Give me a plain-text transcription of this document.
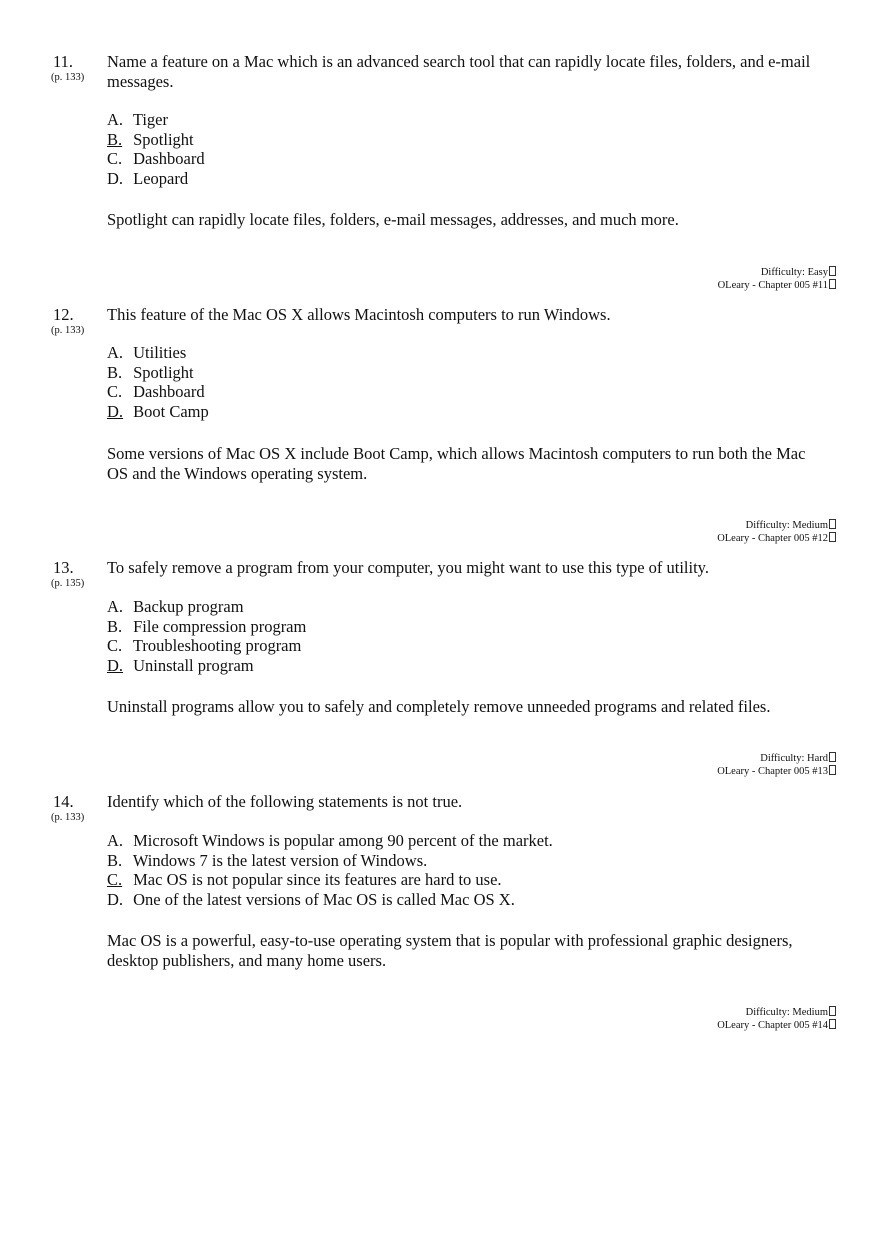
11.
(p. 133)
Name a feature on a Mac which is an advanced search tool that can rapidly locate files, folders, and e-mail messages.
A. Tiger
B. Spotlight
C. Dashboard
D. Leopard
Spotlight can rapidly locate files, folders, e-mail messages, addresses, and much more.
Difficulty: Easy
OLeary - Chapter 005 #11
12.
(p. 133)
This feature of the Mac OS X allows Macintosh computers to run Windows.
A. Utilities
B. Spotlight
C. Dashboard
D. Boot Camp
Some versions of Mac OS X include Boot Camp, which allows Macintosh computers to run both the Mac OS and the Windows operating system.
Difficulty: Medium
OLeary - Chapter 005 #12
13.
(p. 135)
To safely remove a program from your computer, you might want to use this type of utility.
A. Backup program
B. File compression program
C. Troubleshooting program
D. Uninstall program
Uninstall programs allow you to safely and completely remove unneeded programs and related files.
Difficulty: Hard
OLeary - Chapter 005 #13
14.
(p. 133)
Identify which of the following statements is not true.
A. Microsoft Windows is popular among 90 percent of the market.
B. Windows 7 is the latest version of Windows.
C. Mac OS is not popular since its features are hard to use.
D. One of the latest versions of Mac OS is called Mac OS X.
Mac OS is a powerful, easy-to-use operating system that is popular with professional graphic designers, desktop publishers, and many home users.
Difficulty: Medium
OLeary - Chapter 005 #14
